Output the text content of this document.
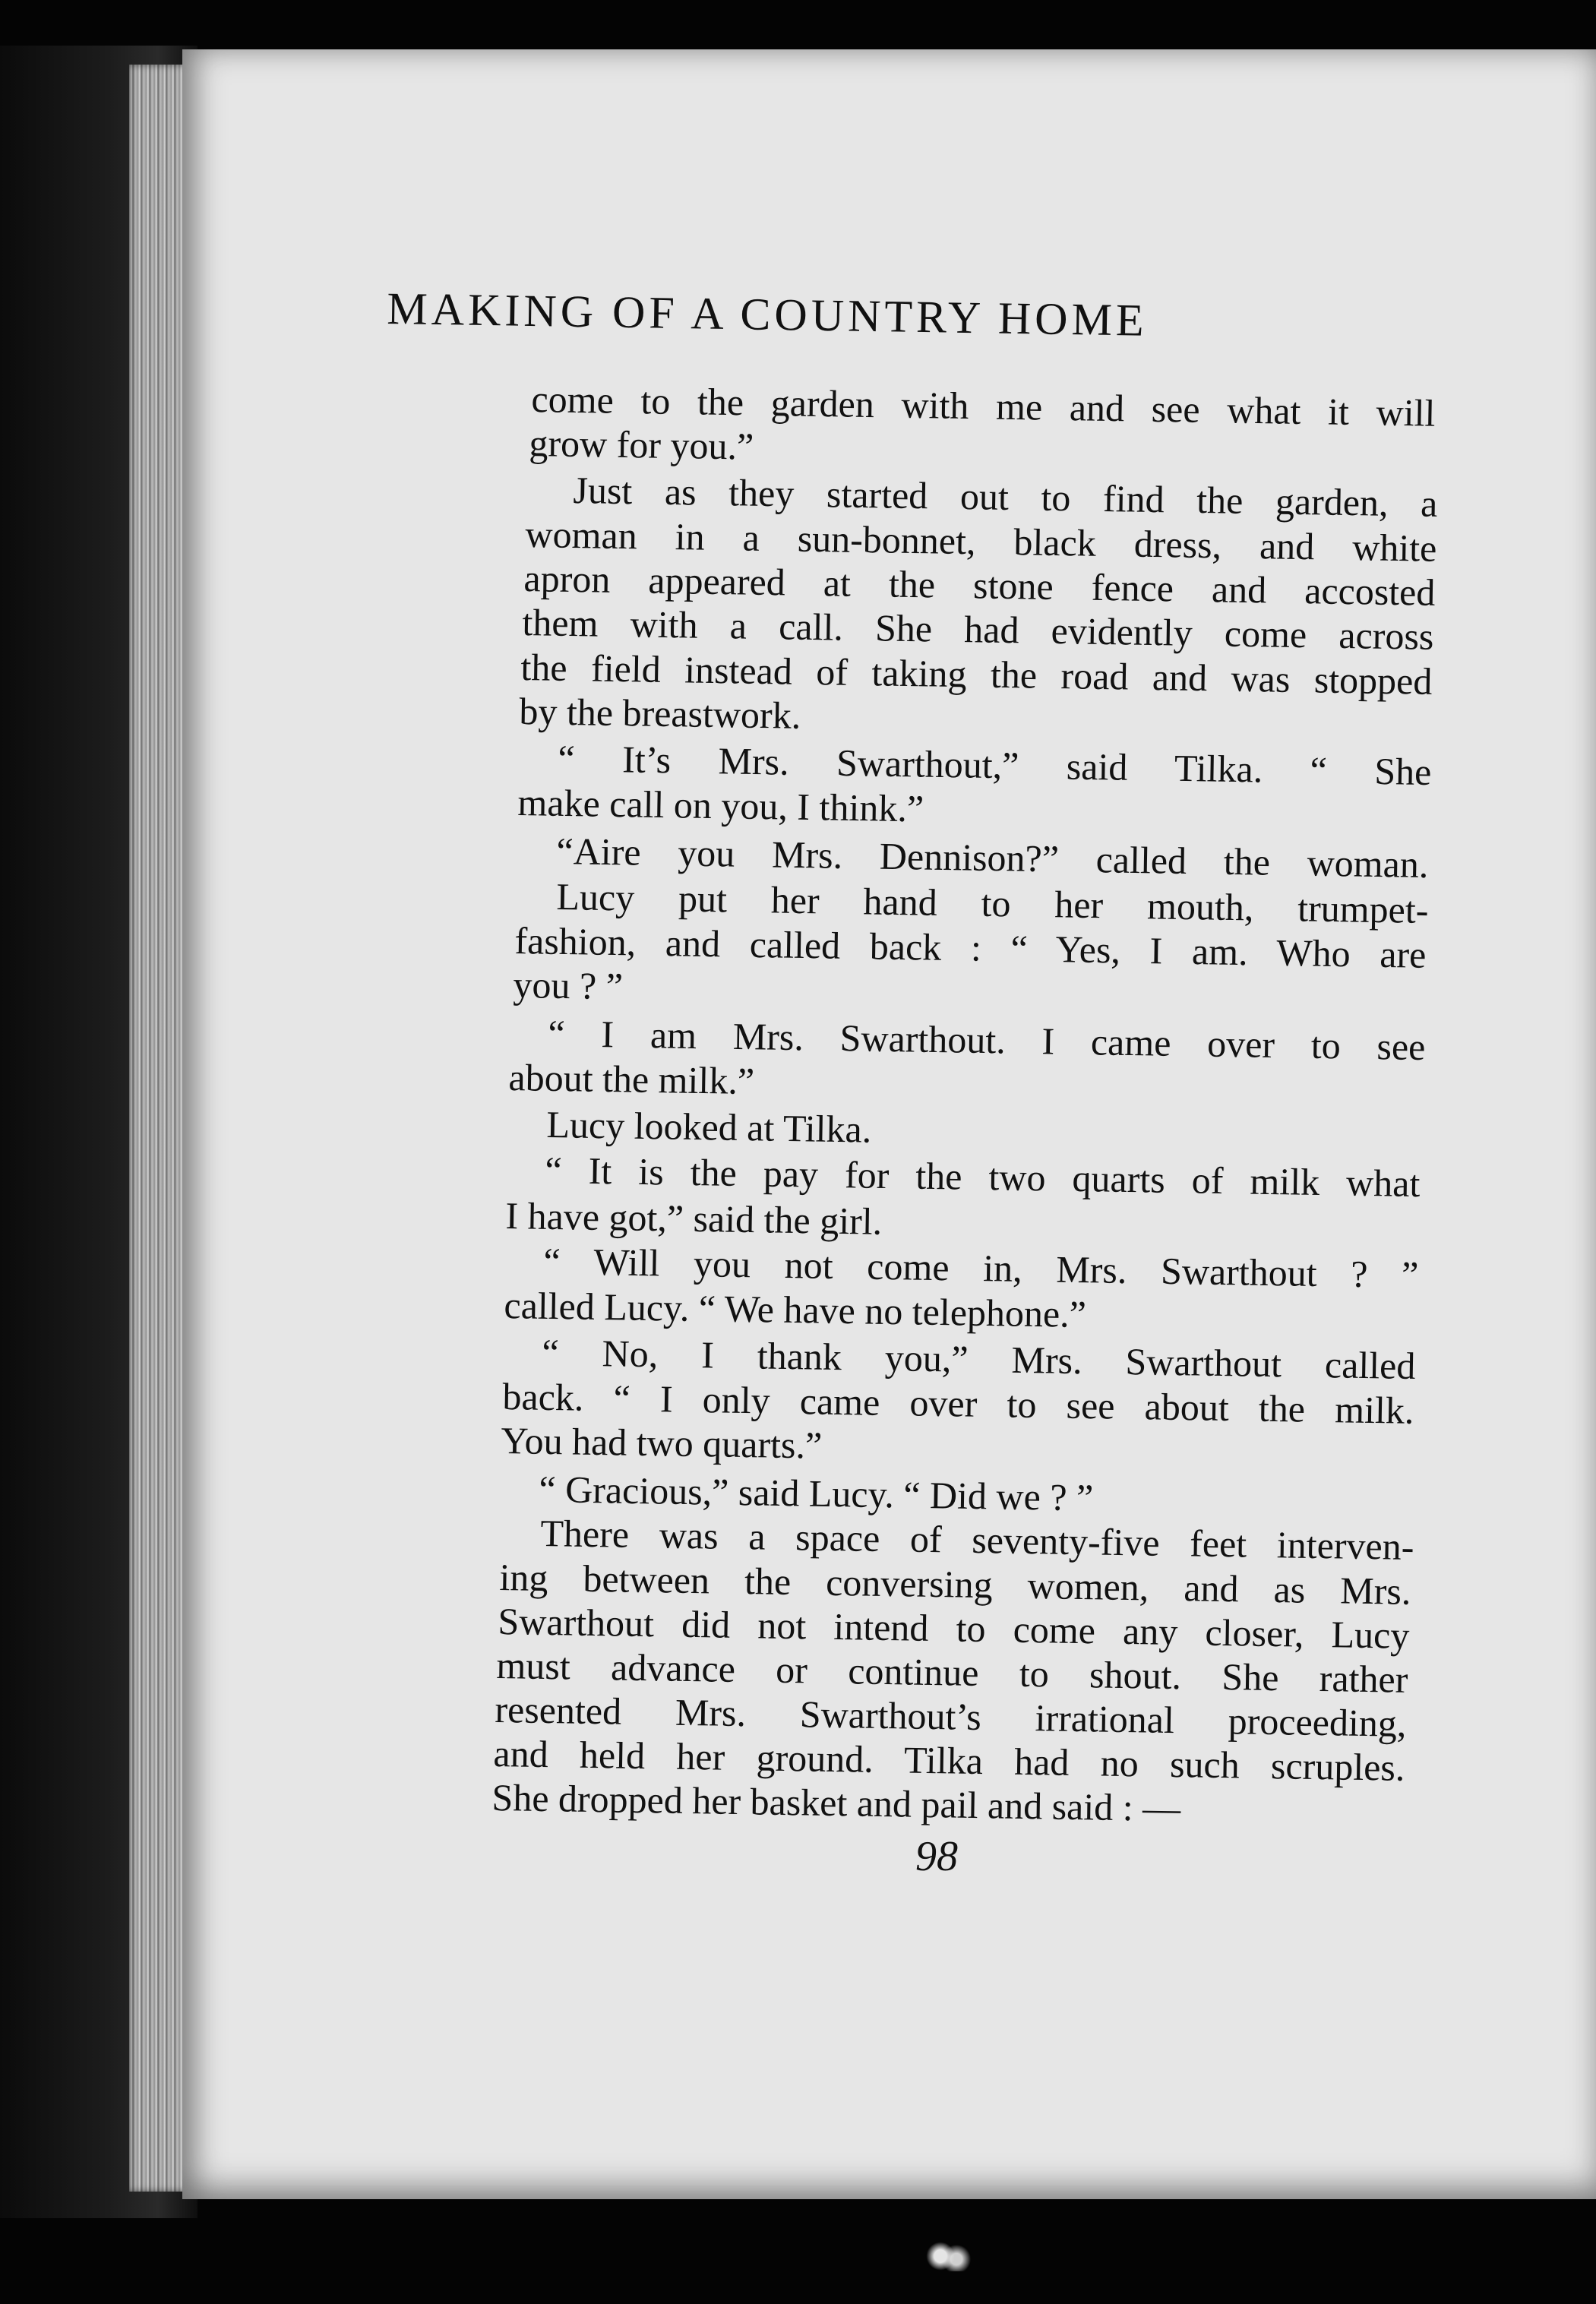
MAKING OF A COUNTRY HOME
come to the garden with me and see what it will
grow for you.”
Just as they started out to find the garden, a
woman in a sun-bonnet, black dress, and white
apron appeared at the stone fence and accosted
them with a call. She had evidently come across
the field instead of taking the road and was stopped
by the breastwork.
“ It’s Mrs. Swarthout,” said Tilka. “ She
make call on you, I think.”
“Aire you Mrs. Dennison?” called the woman.
Lucy put her hand to her mouth, trumpet-
fashion, and called back : “ Yes, I am. Who are
you ? ”
“ I am Mrs. Swarthout. I came over to see
about the milk.”
Lucy looked at Tilka.
“ It is the pay for the two quarts of milk what
I have got,” said the girl.
“ Will you not come in, Mrs. Swarthout ? ”
called Lucy. “ We have no telephone.”
“ No, I thank you,” Mrs. Swarthout called
back. “ I only came over to see about the milk.
You had two quarts.”
“ Gracious,” said Lucy. “ Did we ? ”
There was a space of seventy-five feet interven-
ing between the conversing women, and as Mrs.
Swarthout did not intend to come any closer, Lucy
must advance or continue to shout. She rather
resented Mrs. Swarthout’s irrational proceeding,
and held her ground. Tilka had no such scruples.
She dropped her basket and pail and said : —

98
